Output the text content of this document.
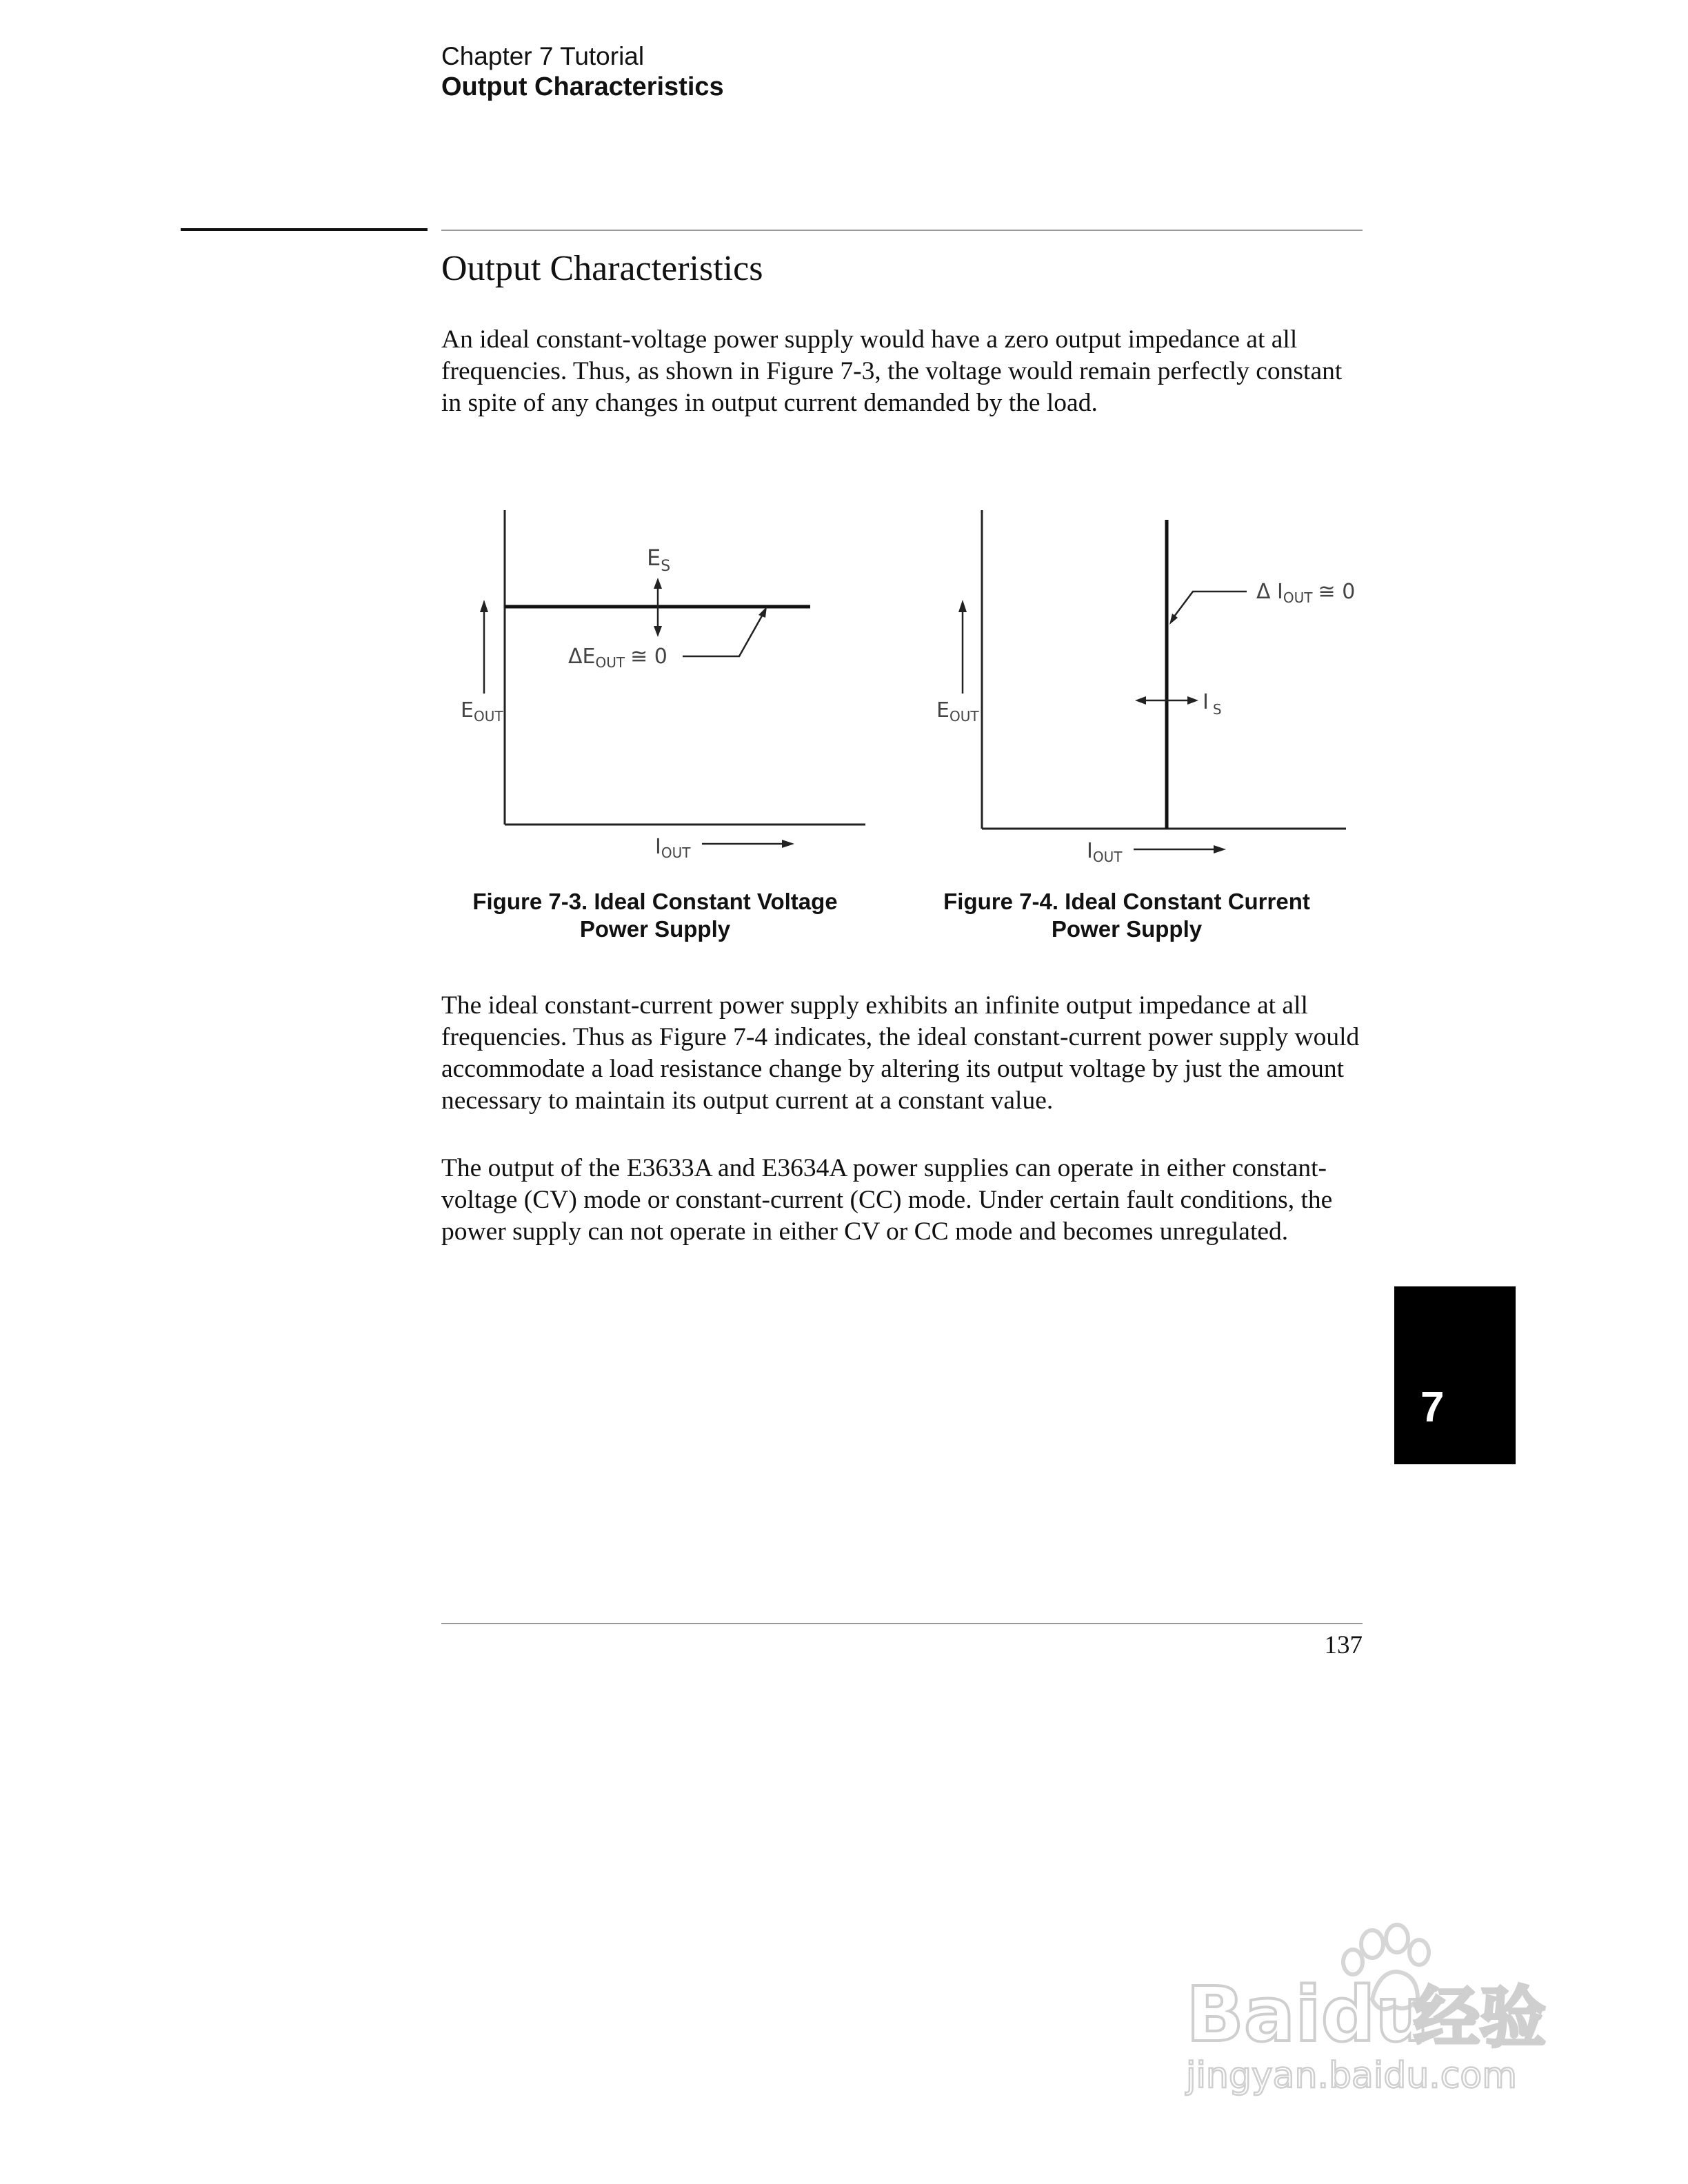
Chapter 7 Tutorial
Output Characteristics
Output Characteristics

An ideal constant-voltage power supply would have a zero output impedance at all frequencies. Thus, as shown in Figure 7-3, the voltage would remain perfectly constant in spite of any changes in output current demanded by the load.

$E_S$
$\Delta E_{OUT}$ ≅ 0
$E_{OUT}$
$I_{OUT}$
Δ $I_{OUT}$ ≅ 0
I $_S$
$E_{OUT}$
$I_{OUT}$
Figure 7-3. Ideal Constant Voltage
Power Supply
Figure 7-4. Ideal Constant Current
Power Supply

The ideal constant-current power supply exhibits an infinite output impedance at all frequencies. Thus as Figure 7-4 indicates, the ideal constant-current power supply would accommodate a load resistance change by altering its output voltage by just the amount necessary to maintain its output current at a constant value.

The output of the E3633A and E3634A power supplies can operate in either constant-voltage (CV) mode or constant-current (CC) mode. Under certain fault conditions, the power supply can not operate in either CV or CC mode and becomes unregulated.

7
137
Baidu
经验
jingyan.baidu.com
